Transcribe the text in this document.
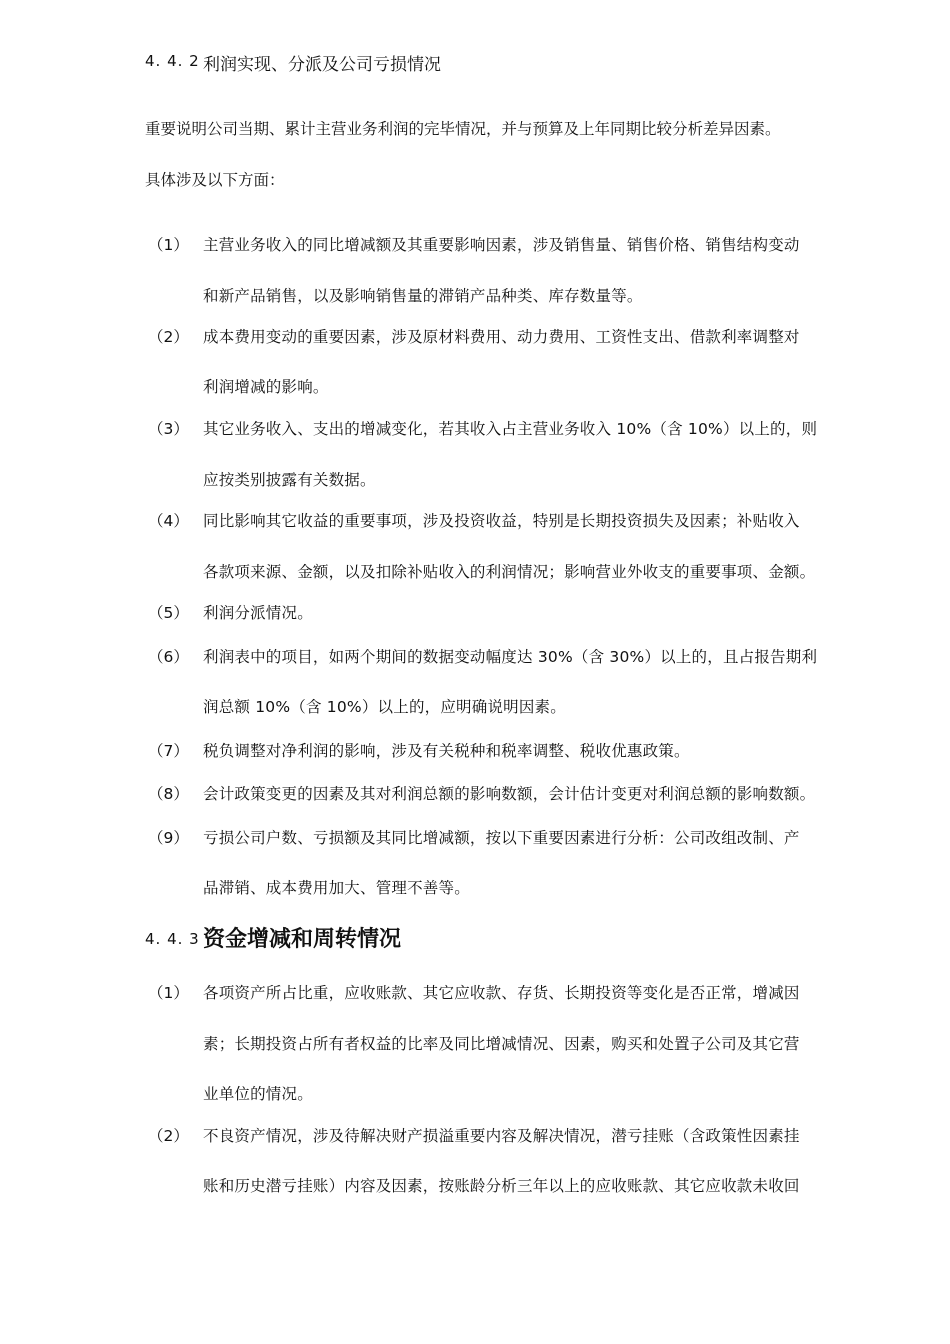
4. 4. 2 利润实现、分派及公司亏损情况
重要说明公司当期、累计主营业务利润的完毕情况，并与预算及上年同期比较分析差异因素。
具体涉及以下方面：
（1） 主营业务收入的同比增减额及其重要影响因素，涉及销售量、销售价格、销售结构变动
和新产品销售，以及影响销售量的滞销产品种类、库存数量等。
（2） 成本费用变动的重要因素，涉及原材料费用、动力费用、工资性支出、借款利率调整对
利润增减的影响。
（3） 其它业务收入、支出的增减变化，若其收入占主营业务收入 10%（含 10%）以上的，则
应按类别披露有关数据。
（4） 同比影响其它收益的重要事项，涉及投资收益，特别是长期投资损失及因素；补贴收入
各款项来源、金额，以及扣除补贴收入的利润情况；影响营业外收支的重要事项、金额。
（5） 利润分派情况。
（6） 利润表中的项目，如两个期间的数据变动幅度达 30%（含 30%）以上的，且占报告期利
润总额 10%（含 10%）以上的，应明确说明因素。
（7） 税负调整对净利润的影响，涉及有关税种和税率调整、税收优惠政策。
（8） 会计政策变更的因素及其对利润总额的影响数额，会计估计变更对利润总额的影响数额。
（9） 亏损公司户数、亏损额及其同比增减额，按以下重要因素进行分析：公司改组改制、产
品滞销、成本费用加大、管理不善等。
4. 4. 3 资金增减和周转情况
（1） 各项资产所占比重，应收账款、其它应收款、存货、长期投资等变化是否正常，增减因
素；长期投资占所有者权益的比率及同比增减情况、因素，购买和处置子公司及其它营
业单位的情况。
（2） 不良资产情况，涉及待解决财产损溢重要内容及解决情况，潜亏挂账（含政策性因素挂
账和历史潜亏挂账）内容及因素，按账龄分析三年以上的应收账款、其它应收款未收回
